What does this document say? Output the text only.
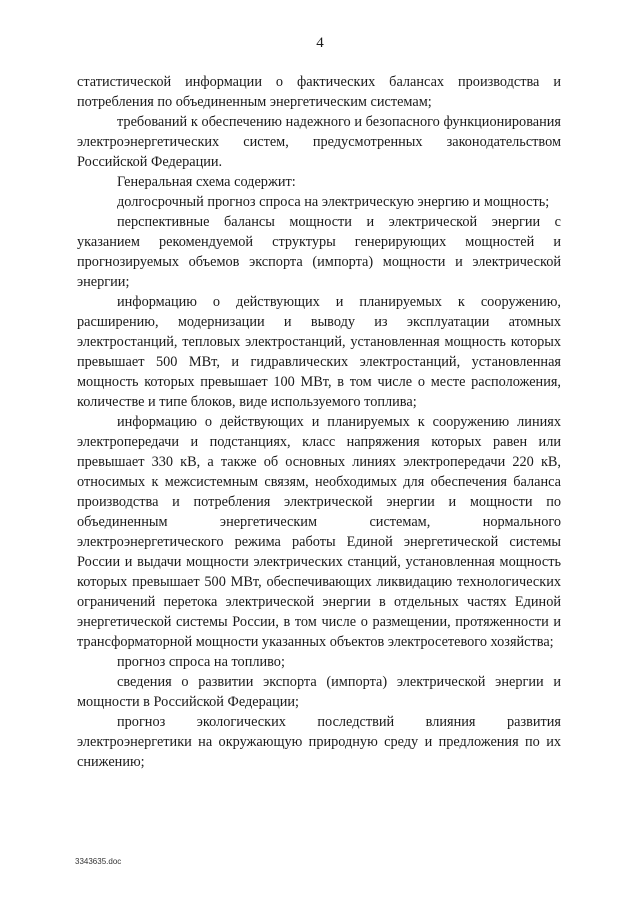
4

статистической информации о фактических балансах производства и потребления по объединенным энергетическим системам;

требований к обеспечению надежного и безопасного функционирования электроэнергетических систем, предусмотренных законодательством Российской Федерации.

Генеральная схема содержит:

долгосрочный прогноз спроса на электрическую энергию и мощность;

перспективные балансы мощности и электрической энергии с указанием рекомендуемой структуры генерирующих мощностей и прогнозируемых объемов экспорта (импорта) мощности и электрической энергии;

информацию о действующих и планируемых к сооружению, расширению, модернизации и выводу из эксплуатации атомных электростанций, тепловых электростанций, установленная мощность которых превышает 500 МВт, и гидравлических электростанций, установленная мощность которых превышает 100 МВт, в том числе о месте расположения, количестве и типе блоков, виде используемого топлива;

информацию о действующих и планируемых к сооружению линиях электропередачи и подстанциях, класс напряжения которых равен или превышает 330 кВ, а также об основных линиях электропередачи 220 кВ, относимых к межсистемным связям, необходимых для обеспечения баланса производства и потребления электрической энергии и мощности по объединенным энергетическим системам, нормального электроэнергетического режима работы Единой энергетической системы России и выдачи мощности электрических станций, установленная мощность которых превышает 500 МВт, обеспечивающих ликвидацию технологических ограничений перетока электрической энергии в отдельных частях Единой энергетической системы России, в том числе о размещении, протяженности и трансформаторной мощности указанных объектов электросетевого хозяйства;

прогноз спроса на топливо;

сведения о развитии экспорта (импорта) электрической энергии и мощности в Российской Федерации;

прогноз экологических последствий влияния развития электроэнергетики на окружающую природную среду и предложения по их снижению;

3343635.doc
